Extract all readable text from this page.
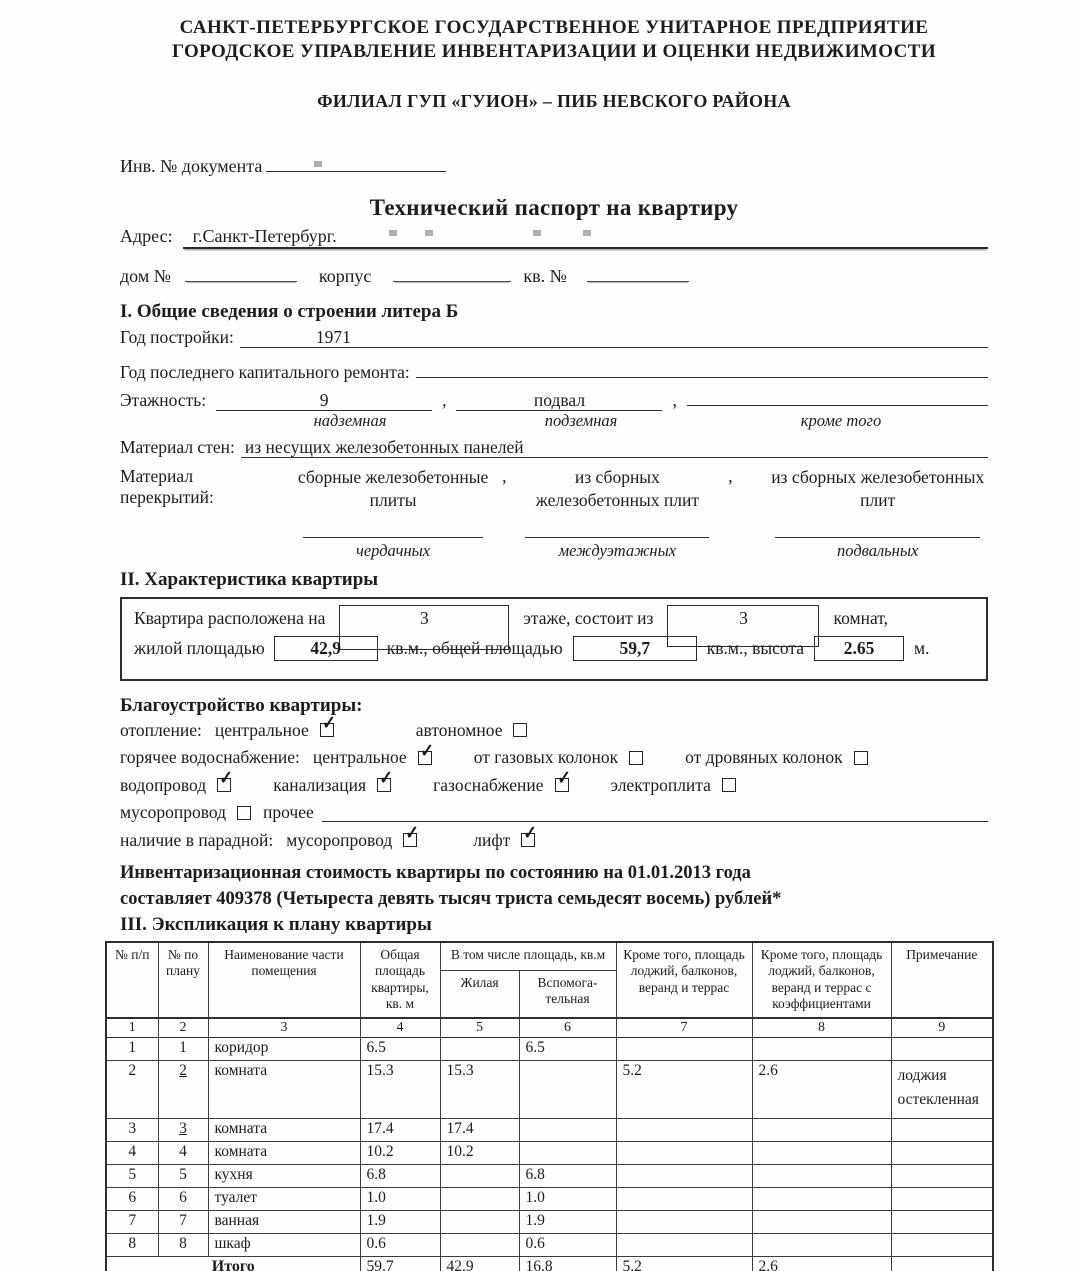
САНКТ-ПЕТЕРБУРГСКОЕ ГОСУДАРСТВЕННОЕ УНИТАРНОЕ ПРЕДПРИЯТИЕ
ГОРОДСКОЕ УПРАВЛЕНИЕ ИНВЕНТАРИЗАЦИИ И ОЦЕНКИ НЕДВИЖИМОСТИ
ФИЛИАЛ ГУП «ГУИОН» – ПИБ НЕВСКОГО РАЙОНА
Инв. № документа
Технический паспорт на квартиру
Адрес:	г.Санкт-Петербург.
дом №	корпус	кв. №
I. Общие сведения о строении литера Б
Год постройки:	1971
Год последнего капитального ремонта:
Этажность:	9	,	подвал	,
надземная	подземная	кроме того
Материал стен: из несущих железобетонных панелей
Материал перекрытий:
сборные железобетонные плиты
чердачных
,	из сборных железобетонных плит
междуэтажных
,	из сборных железобетонных плит
подвальных
II. Характеристика квартиры
Квартира расположена на	3	этаже, состоит из	3	комнат,
жилой площадью	42,9	кв.м., общей площадью	59,7	кв.м., высота 2.65 м.
Благоустройство квартиры:
отопление: центральное ✓	автономное
горячее водоснабжение: центральное ✓ от газовых колонок	от дровяных колонок
водопровод ✓ канализация ✓ газоснабжение ✓ электроплита
мусоропровод прочее
наличие в парадной: мусоропровод ✓	лифт ✓
Инвентаризационная стоимость квартиры по состоянию на 01.01.2013 года
составляет 409378 (Четыреста девять тысяч триста семьдесят восемь) рублей*
III. Экспликация к плану квартиры
№ п/п	№ по плану	Наименование части помещения	Общая площадь квартиры, кв. м	В том числе площадь, кв.м		Кроме того, площадь лоджий, балконов, веранд и террас	Кроме того, площадь лоджий, балконов, веранд и террас с коэффициентами	Примечание
				Жилая	Вспомога-тельная			
1	2	3	4	5	6	7	8	9
1	1	коридор	6.5		6.5			
2	2	комната	15.3	15.3		5.2	2.6	лоджия остекленная
3	3	комната	17.4	17.4				
4	4	комната	10.2	10.2				
5	5	кухня	6.8		6.8			
6	6	туалет	1.0		1.0			
7	7	ванная	1.9		1.9			
8	8	шкаф	0.6		0.6			
Итого			59.7	42.9	16.8	5.2	2.6	
